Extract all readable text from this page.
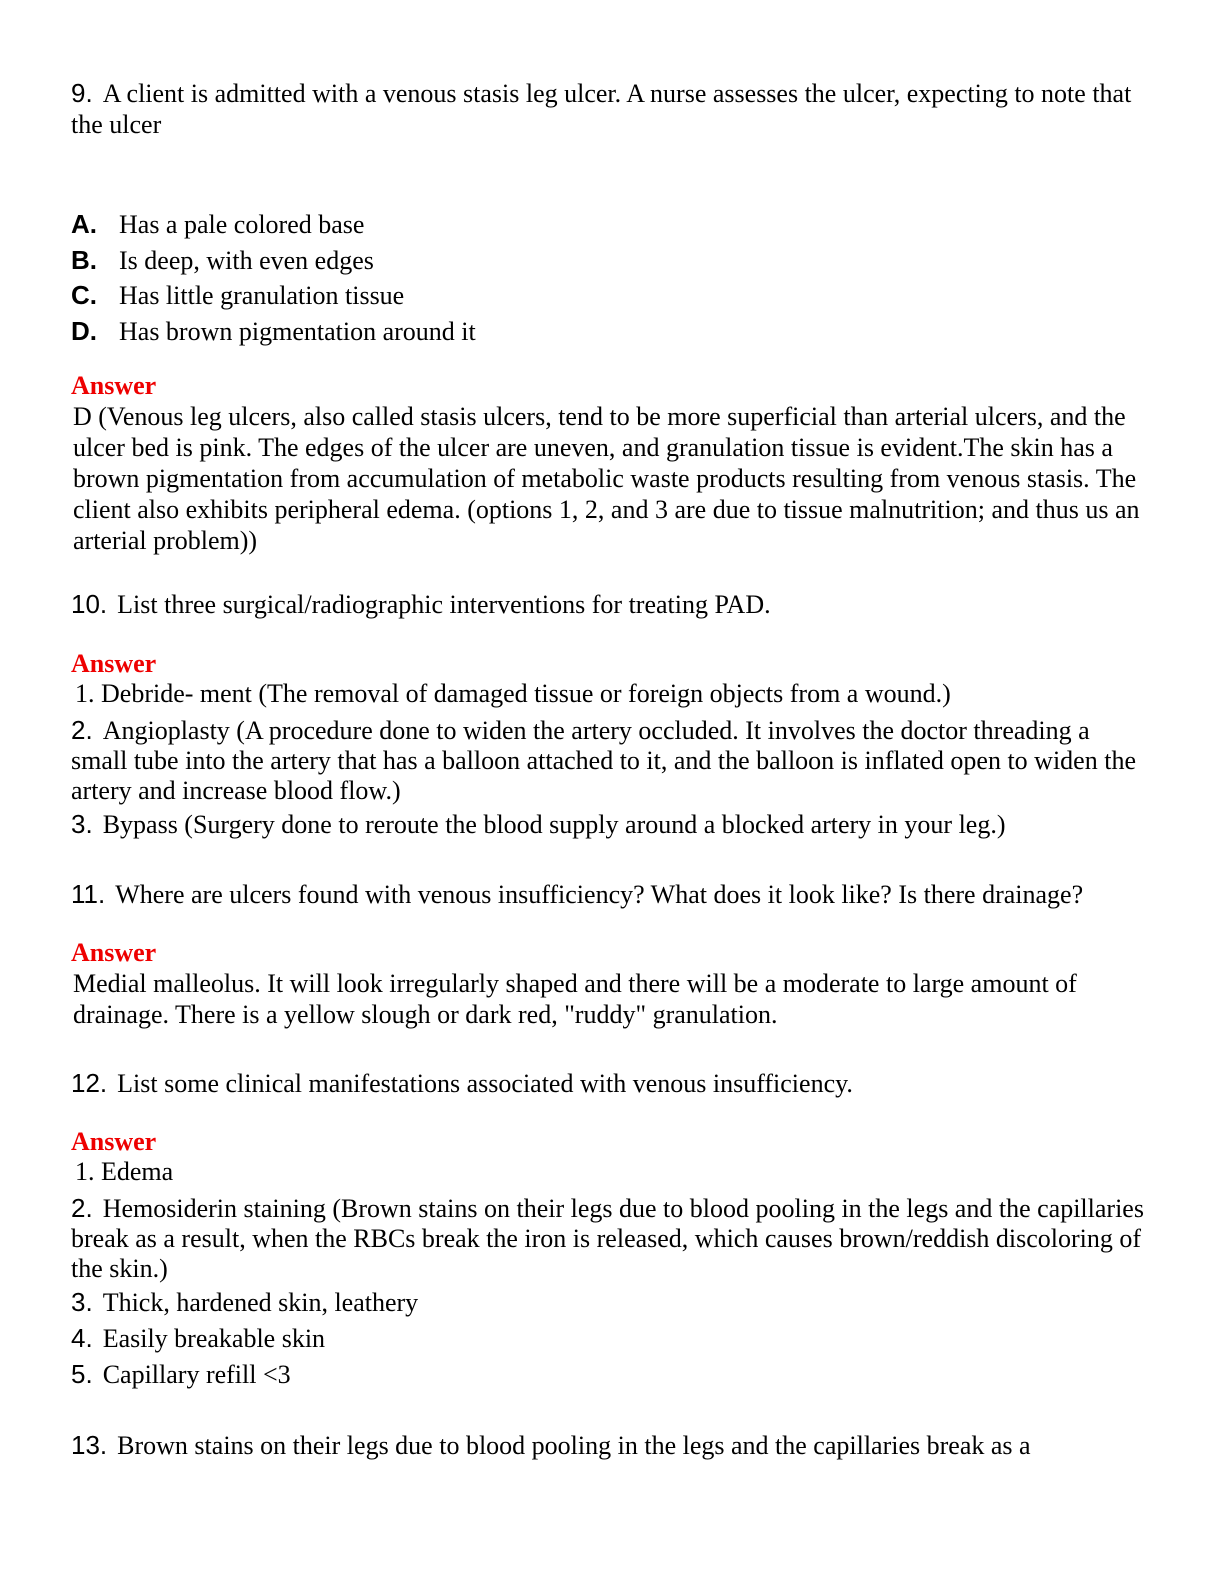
9. A client is admitted with a venous stasis leg ulcer. A nurse assesses the ulcer, expecting to note that the ulcer

A. Has a pale colored base
B. Is deep, with even edges
C. Has little granulation tissue
D. Has brown pigmentation around it
Answer
D (Venous leg ulcers, also called stasis ulcers, tend to be more superficial than arterial ulcers, and the ulcer bed is pink. The edges of the ulcer are uneven, and granulation tissue is evident.The skin has a brown pigmentation from accumulation of metabolic waste products resulting from venous stasis. The client also exhibits peripheral edema. (options 1, 2, and 3 are due to tissue malnutrition; and thus us an arterial problem))

10. List three surgical/radiographic interventions for treating PAD.

Answer
1. Debride- ment (The removal of damaged tissue or foreign objects from a wound.)
2. Angioplasty (A procedure done to widen the artery occluded. It involves the doctor threading a small tube into the artery that has a balloon attached to it, and the balloon is inflated open to widen the artery and increase blood flow.)
3. Bypass (Surgery done to reroute the blood supply around a blocked artery in your leg.)

11. Where are ulcers found with venous insufficiency? What does it look like? Is there drainage?

Answer
Medial malleolus. It will look irregularly shaped and there will be a moderate to large amount of drainage. There is a yellow slough or dark red, "ruddy" granulation.

12. List some clinical manifestations associated with venous insufficiency.

Answer
1. Edema
2. Hemosiderin staining (Brown stains on their legs due to blood pooling in the legs and the capillaries break as a result, when the RBCs break the iron is released, which causes brown/reddish discoloring of the skin.)
3. Thick, hardened skin, leathery
4. Easily breakable skin
5. Capillary refill <3

13. Brown stains on their legs due to blood pooling in the legs and the capillaries break as a
